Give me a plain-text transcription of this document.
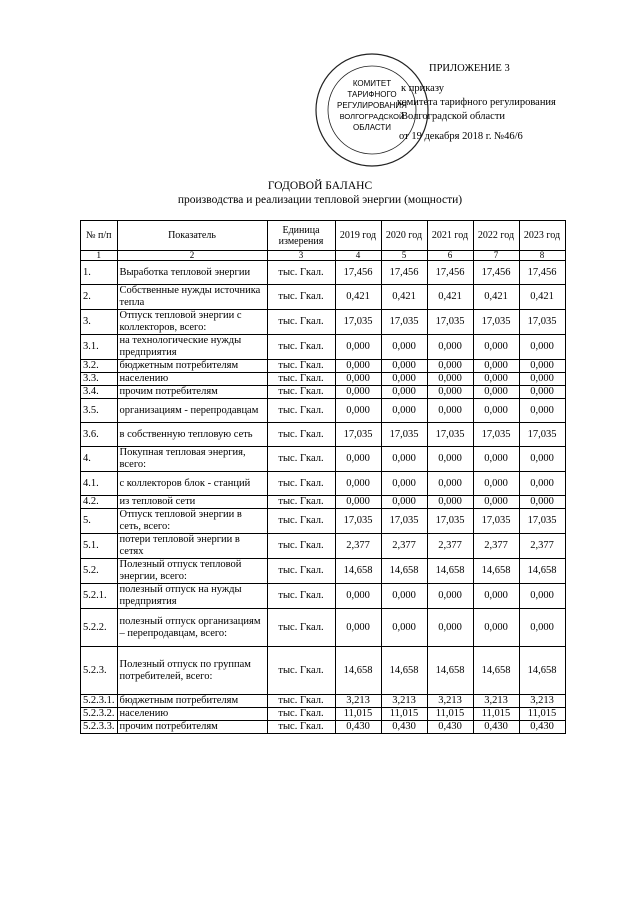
КОМИТЕТ
ТАРИФНОГО
РЕГУЛИРОВАНИЯ
ВОЛГОГРАДСКОЙ
ОБЛАСТИ
ПРИЛОЖЕНИЕ 3
к приказу
комитета тарифного регулирования
Волгоградской области
от 19 декабря 2018 г. №46/6
ГОДОВОЙ БАЛАНС
производства и реализации тепловой энергии (мощности)
№ п/п	Показатель	Единица измерения	2019 год	2020 год	2021 год	2022 год	2023 год
1	2	3	4	5	6	7	8
1.	Выработка тепловой энергии	тыс. Гкал.	17,456	17,456	17,456	17,456	17,456
2.	Собственные нужды источника тепла	тыс. Гкал.	0,421	0,421	0,421	0,421	0,421
3.	Отпуск тепловой энергии с коллекторов, всего:	тыс. Гкал.	17,035	17,035	17,035	17,035	17,035
3.1.	на технологические нужды предприятия	тыс. Гкал.	0,000	0,000	0,000	0,000	0,000
3.2.	бюджетным потребителям	тыс. Гкал.	0,000	0,000	0,000	0,000	0,000
3.3.	населению	тыс. Гкал.	0,000	0,000	0,000	0,000	0,000
3.4.	прочим потребителям	тыс. Гкал.	0,000	0,000	0,000	0,000	0,000
3.5.	организациям - перепродавцам	тыс. Гкал.	0,000	0,000	0,000	0,000	0,000
3.6.	в собственную тепловую сеть	тыс. Гкал.	17,035	17,035	17,035	17,035	17,035
4.	Покупная тепловая энергия, всего:	тыс. Гкал.	0,000	0,000	0,000	0,000	0,000
4.1.	с коллекторов блок - станций	тыс. Гкал.	0,000	0,000	0,000	0,000	0,000
4.2.	из тепловой сети	тыс. Гкал.	0,000	0,000	0,000	0,000	0,000
5.	Отпуск тепловой энергии в сеть, всего:	тыс. Гкал.	17,035	17,035	17,035	17,035	17,035
5.1.	потери тепловой энергии в сетях	тыс. Гкал.	2,377	2,377	2,377	2,377	2,377
5.2.	Полезный отпуск тепловой энергии, всего:	тыс. Гкал.	14,658	14,658	14,658	14,658	14,658
5.2.1.	полезный отпуск на нужды предприятия	тыс. Гкал.	0,000	0,000	0,000	0,000	0,000
5.2.2.	полезный отпуск организациям – перепродавцам, всего:	тыс. Гкал.	0,000	0,000	0,000	0,000	0,000
5.2.3.	Полезный отпуск по группам потребителей, всего:	тыс. Гкал.	14,658	14,658	14,658	14,658	14,658
5.2.3.1.	бюджетным потребителям	тыс. Гкал.	3,213	3,213	3,213	3,213	3,213
5.2.3.2.	населению	тыс. Гкал.	11,015	11,015	11,015	11,015	11,015
5.2.3.3.	прочим потребителям	тыс. Гкал.	0,430	0,430	0,430	0,430	0,430
